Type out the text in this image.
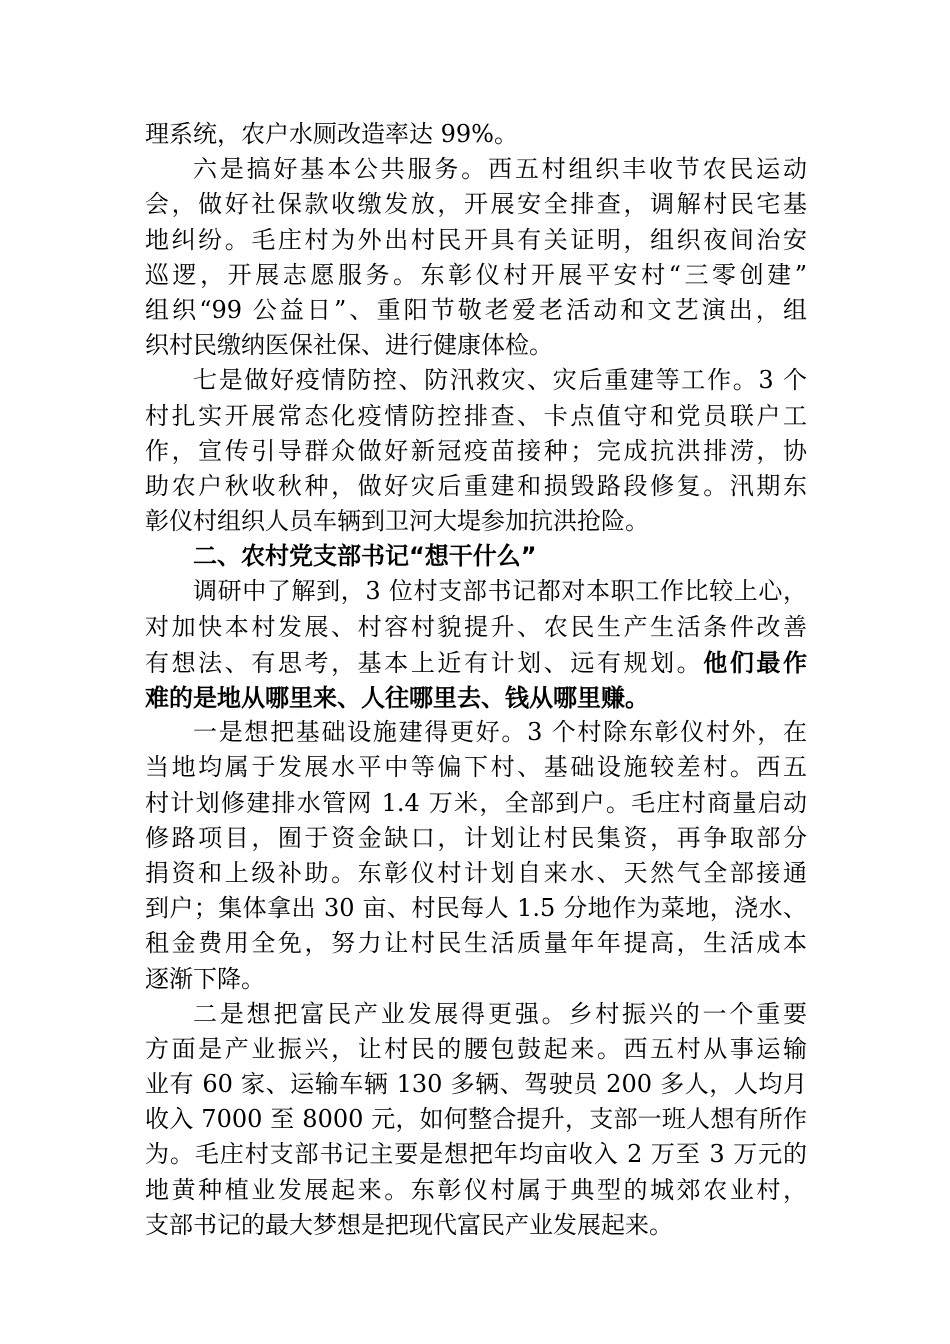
理系统，农户水厕改造率达 99%。
六是搞好基本公共服务。西五村组织丰收节农民运动
会，做好社保款收缴发放，开展安全排查，调解村民宅基
地纠纷。毛庄村为外出村民开具有关证明，组织夜间治安
巡逻，开展志愿服务。东彰仪村开展平安村“三零创建”
组织“99 公益日”、重阳节敬老爱老活动和文艺演出，组
织村民缴纳医保社保、进行健康体检。
七是做好疫情防控、防汛救灾、灾后重建等工作。3 个
村扎实开展常态化疫情防控排查、卡点值守和党员联户工
作，宣传引导群众做好新冠疫苗接种；完成抗洪排涝，协
助农户秋收秋种，做好灾后重建和损毁路段修复。汛期东
彰仪村组织人员车辆到卫河大堤参加抗洪抢险。
二、农村党支部书记“想干什么”
调研中了解到，3 位村支部书记都对本职工作比较上心，
对加快本村发展、村容村貌提升、农民生产生活条件改善
有想法、有思考，基本上近有计划、远有规划。他们最作
难的是地从哪里来、人往哪里去、钱从哪里赚。
一是想把基础设施建得更好。3 个村除东彰仪村外，在
当地均属于发展水平中等偏下村、基础设施较差村。西五
村计划修建排水管网 1.4 万米，全部到户。毛庄村商量启动
修路项目，囿于资金缺口，计划让村民集资，再争取部分
捐资和上级补助。东彰仪村计划自来水、天然气全部接通
到户；集体拿出 30 亩、村民每人 1.5 分地作为菜地，浇水、
租金费用全免，努力让村民生活质量年年提高，生活成本
逐渐下降。
二是想把富民产业发展得更强。乡村振兴的一个重要
方面是产业振兴，让村民的腰包鼓起来。西五村从事运输
业有 60 家、运输车辆 130 多辆、驾驶员 200 多人，人均月
收入 7000 至 8000 元，如何整合提升，支部一班人想有所作
为。毛庄村支部书记主要是想把年均亩收入 2 万至 3 万元的
地黄种植业发展起来。东彰仪村属于典型的城郊农业村，
支部书记的最大梦想是把现代富民产业发展起来。
